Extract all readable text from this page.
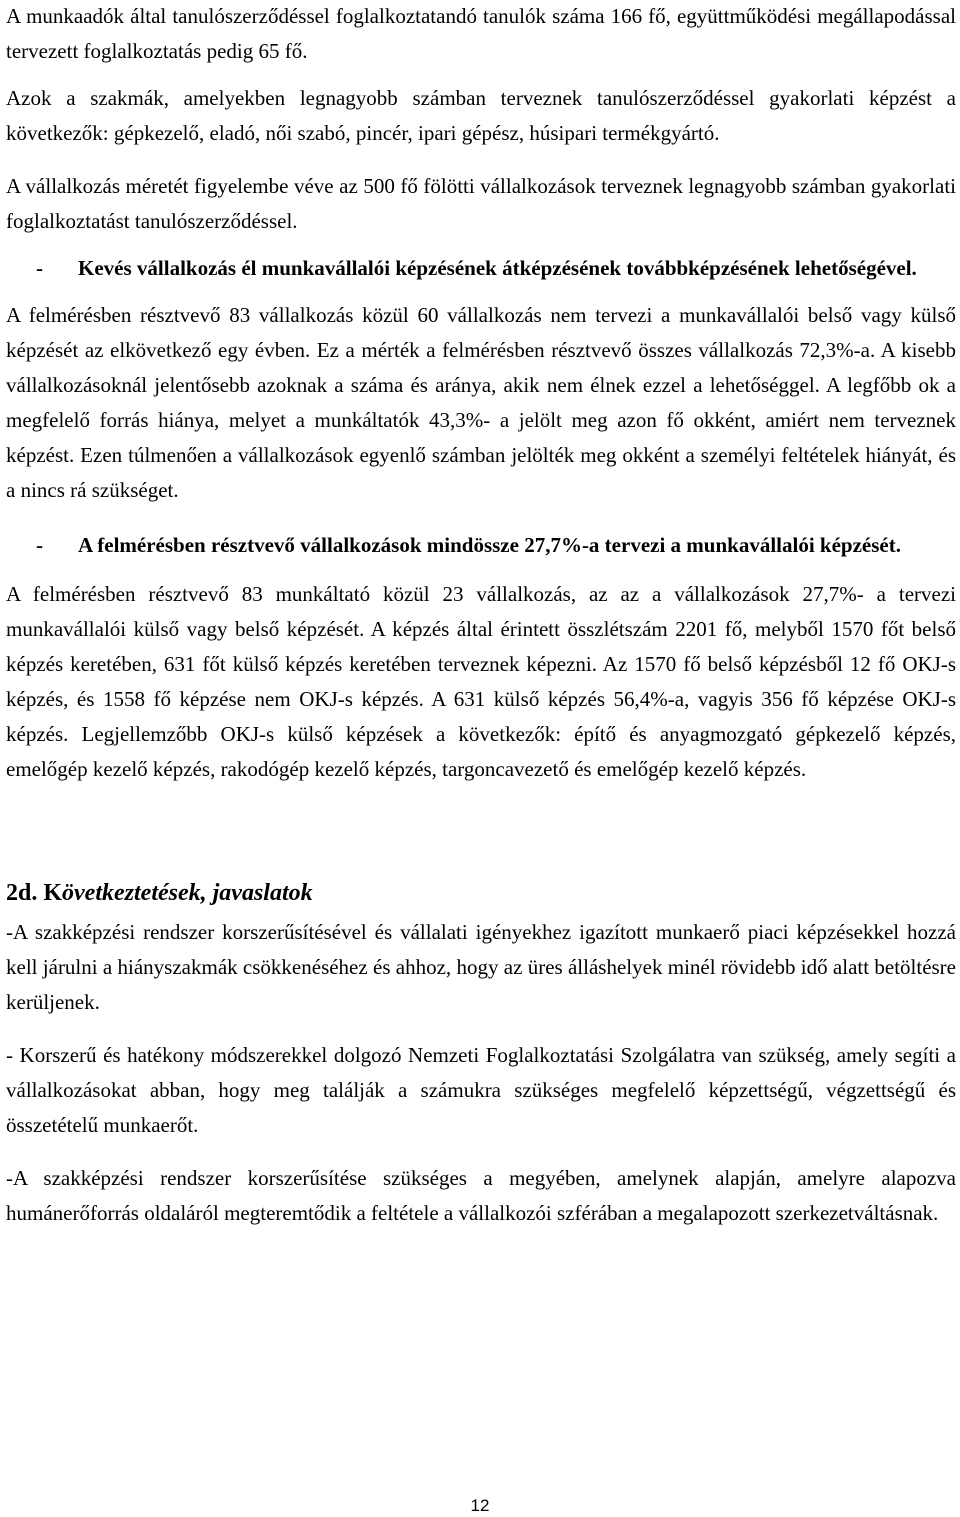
A munkaadók által tanulószerződéssel foglalkoztatandó tanulók száma 166 fő, együttműködési megállapodással tervezett foglalkoztatás pedig 65 fő.

Azok a szakmák, amelyekben legnagyobb számban terveznek tanulószerződéssel gyakorlati képzést a következők: gépkezelő, eladó, női szabó, pincér, ipari gépész, húsipari termékgyártó.

A vállalkozás méretét figyelembe véve az 500 fő fölötti vállalkozások terveznek legnagyobb számban gyakorlati foglalkoztatást tanulószerződéssel.

-	Kevés vállalkozás él munkavállalói képzésének átképzésének továbbképzésének lehetőségével.

A felmérésben résztvevő 83 vállalkozás közül 60 vállalkozás nem tervezi a munkavállalói belső vagy külső képzését az elkövetkező egy évben. Ez a mérték a felmérésben résztvevő összes vállalkozás 72,3%-a. A kisebb vállalkozásoknál jelentősebb azoknak a száma és aránya, akik nem élnek ezzel a lehetőséggel. A legfőbb ok a megfelelő forrás hiánya, melyet a munkáltatók 43,3%- a jelölt meg azon fő okként, amiért nem terveznek képzést. Ezen túlmenően a vállalkozások egyenlő számban jelölték meg okként a személyi feltételek hiányát, és a nincs rá szükséget.

-	A felmérésben résztvevő vállalkozások mindössze 27,7%-a tervezi a munkavállalói képzését.

A felmérésben résztvevő 83 munkáltató közül 23 vállalkozás, az az a vállalkozások 27,7%- a tervezi munkavállalói külső vagy belső képzését. A képzés által érintett összlétszám 2201 fő, melyből 1570 főt belső képzés keretében, 631 főt külső képzés keretében terveznek képezni. Az 1570 fő belső képzésből 12 fő OKJ-s képzés, és 1558 fő képzése nem OKJ-s képzés. A 631 külső képzés 56,4%-a, vagyis 356 fő képzése OKJ-s képzés. Legjellemzőbb OKJ-s külső képzések a következők: építő és anyagmozgató gépkezelő képzés, emelőgép kezelő képzés, rakodógép kezelő képzés, targoncavezető és emelőgép kezelő képzés.

2d. Következtetések, javaslatok

-A szakképzési rendszer korszerűsítésével és vállalati igényekhez igazított munkaerő piaci képzésekkel hozzá kell járulni a hiányszakmák csökkenéséhez és ahhoz, hogy az üres álláshelyek minél rövidebb idő alatt betöltésre kerüljenek.

- Korszerű és hatékony módszerekkel dolgozó Nemzeti Foglalkoztatási Szolgálatra van szükség, amely segíti a vállalkozásokat abban, hogy meg találják a számukra szükséges megfelelő képzettségű, végzettségű és összetételű munkaerőt.

-A szakképzési rendszer korszerűsítése szükséges a megyében, amelynek alapján, amelyre alapozva humánerőforrás oldaláról megteremtődik a feltétele a vállalkozói szférában a megalapozott szerkezetváltásnak.

12
